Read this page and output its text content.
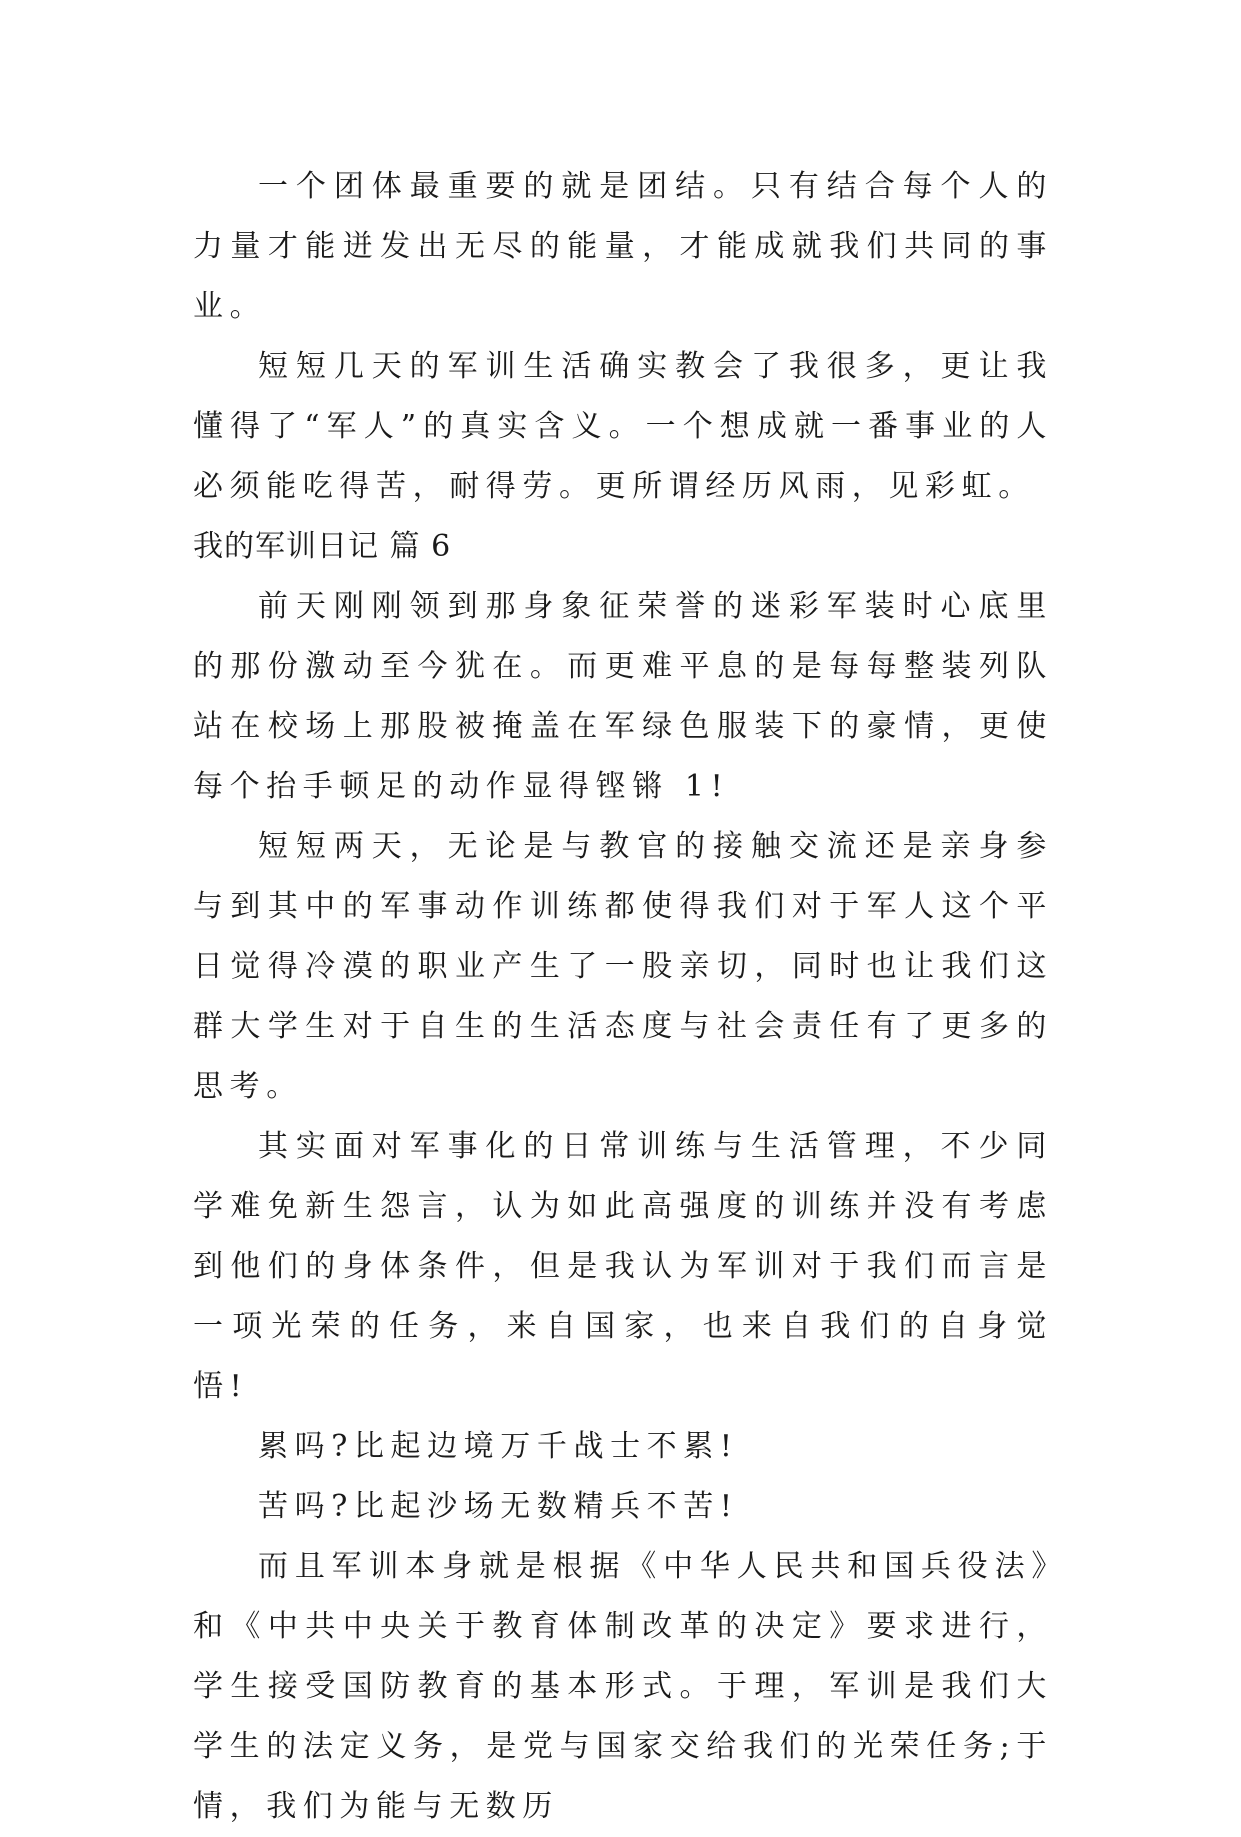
一个团体最重要的就是团结。只有结合每个人的力量才能迸发出无尽的能量，才能成就我们共同的事业。

短短几天的军训生活确实教会了我很多，更让我懂得了“军人”的真实含义。一个想成就一番事业的人必须能吃得苦，耐得劳。更所谓经历风雨，见彩虹。

我的军训日记 篇 6

前天刚刚领到那身象征荣誉的迷彩军装时心底里的那份激动至今犹在。而更难平息的是每每整装列队站在校场上那股被掩盖在军绿色服装下的豪情，更使每个抬手顿足的动作显得铿锵 1!

短短两天，无论是与教官的接触交流还是亲身参与到其中的军事动作训练都使得我们对于军人这个平日觉得冷漠的职业产生了一股亲切，同时也让我们这群大学生对于自生的生活态度与社会责任有了更多的思考。

其实面对军事化的日常训练与生活管理，不少同学难免新生怨言，认为如此高强度的训练并没有考虑到他们的身体条件，但是我认为军训对于我们而言是一项光荣的任务，来自国家，也来自我们的自身觉悟!

累吗?比起边境万千战士不累!

苦吗?比起沙场无数精兵不苦!

而且军训本身就是根据《中华人民共和国兵役法》和《中共中央关于教育体制改革的决定》要求进行，学生接受国防教育的基本形式。于理，军训是我们大学生的法定义务，是党与国家交给我们的光荣任务;于情，我们为能与无数历
